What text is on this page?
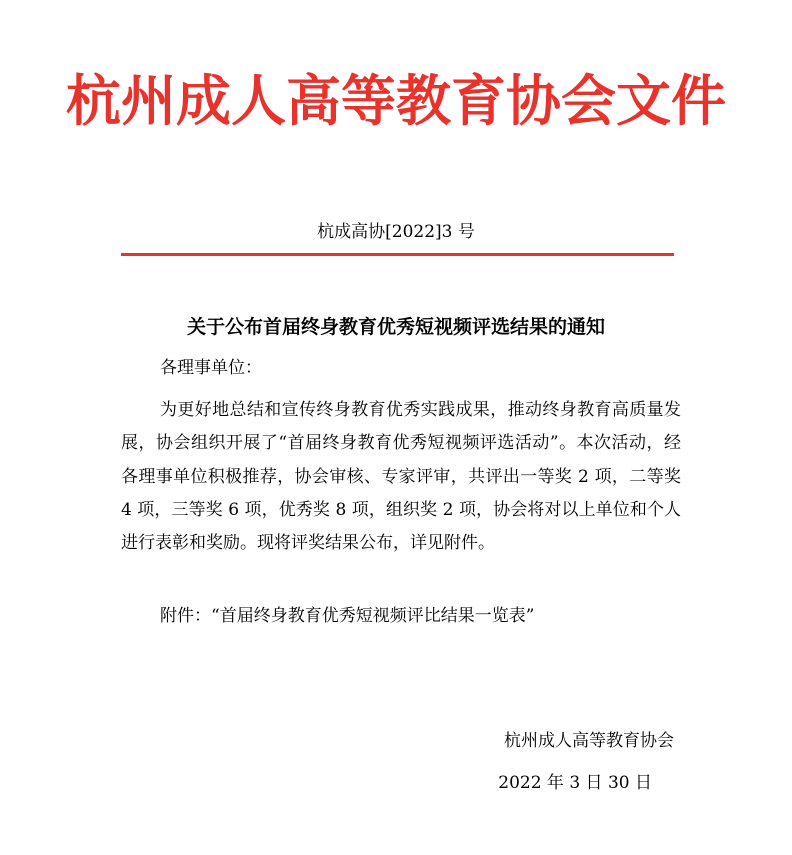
杭州成人高等教育协会文件
杭成高协[2022]3 号
关于公布首届终身教育优秀短视频评选结果的通知
各理事单位：
为更好地总结和宣传终身教育优秀实践成果，推动终身教育高质量发展，协会组织开展了“首届终身教育优秀短视频评选活动”。本次活动，经各理事单位积极推荐，协会审核、专家评审，共评出一等奖 2 项，二等奖 4 项，三等奖 6 项，优秀奖 8 项，组织奖 2 项，协会将对以上单位和个人进行表彰和奖励。现将评奖结果公布，详见附件。
附件：“首届终身教育优秀短视频评比结果一览表”
杭州成人高等教育协会
2022 年 3 日 30 日
